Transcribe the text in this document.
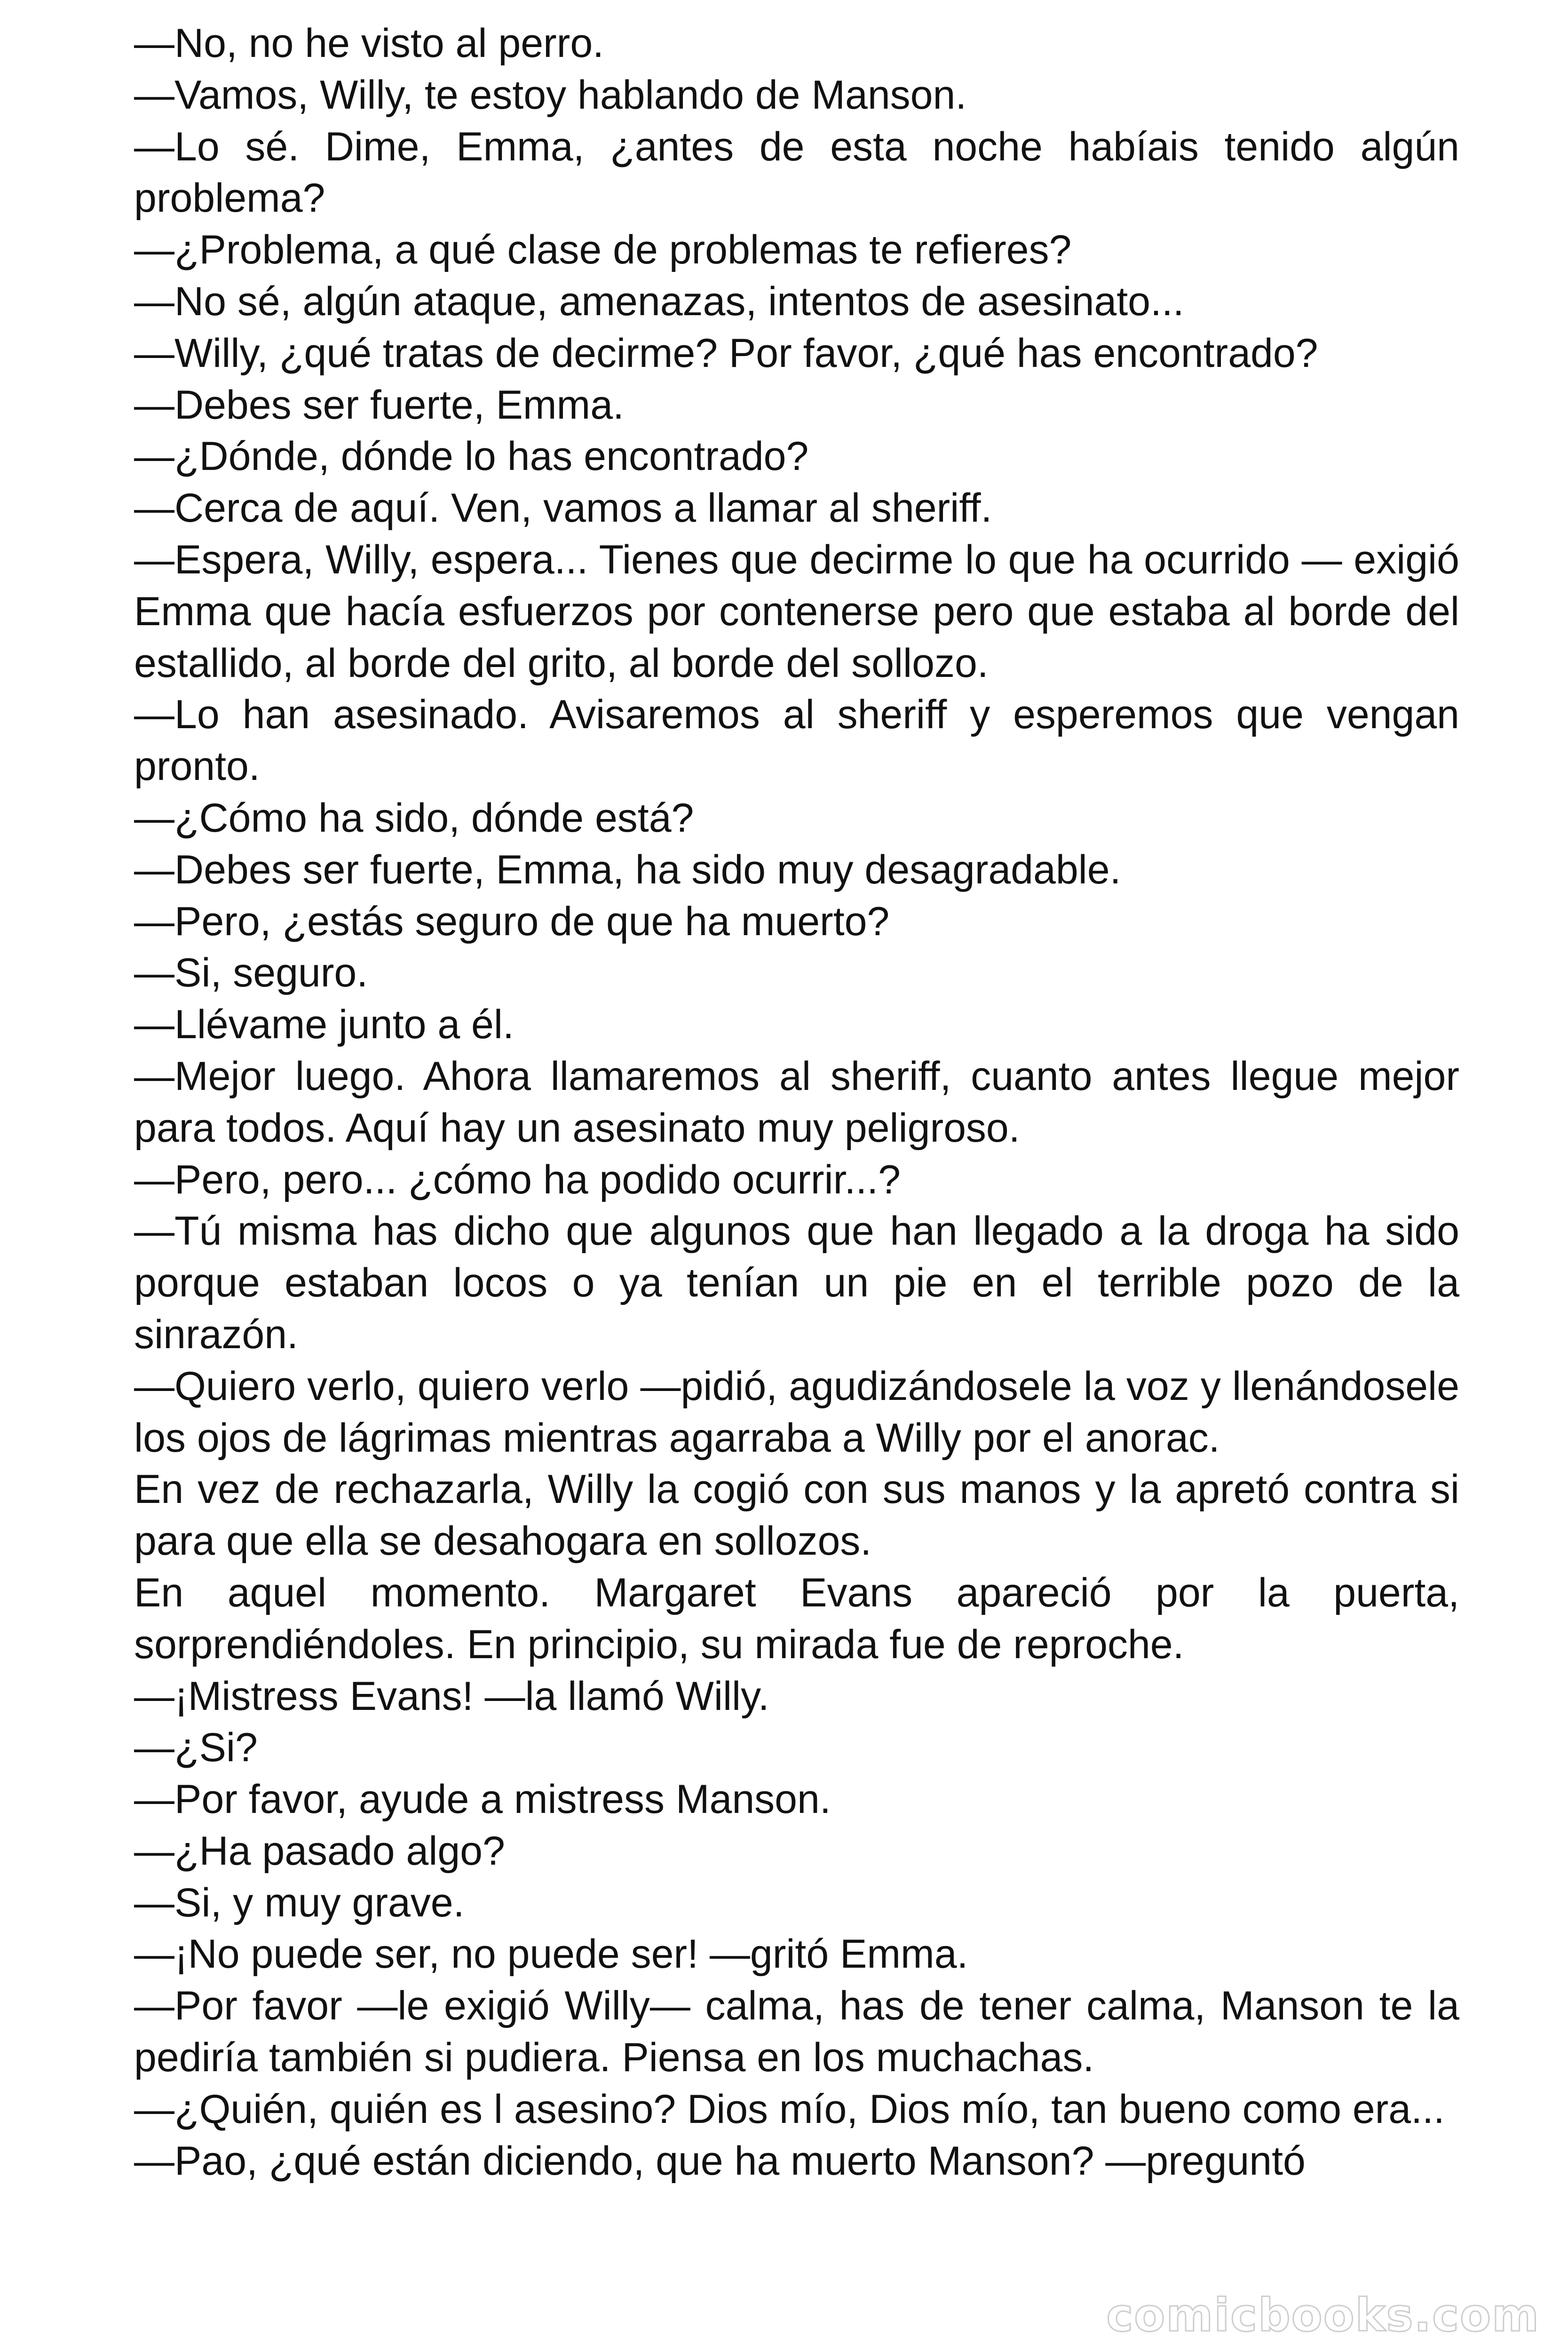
—No, no he visto al perro.

—Vamos, Willy, te estoy hablando de Manson.

—Lo sé. Dime, Emma, ¿antes de esta noche habíais tenido algún problema?

—¿Problema, a qué clase de problemas te refieres?

—No sé, algún ataque, amenazas, intentos de asesinato...

—Willy, ¿qué tratas de decirme? Por favor, ¿qué has encontrado?

—Debes ser fuerte, Emma.

—¿Dónde, dónde lo has encontrado?

—Cerca de aquí. Ven, vamos a llamar al sheriff.

—Espera, Willy, espera... Tienes que decirme lo que ha ocurrido — exigió Emma que hacía esfuerzos por contenerse pero que estaba al borde del estallido, al borde del grito, al borde del sollozo.

—Lo han asesinado. Avisaremos al sheriff y esperemos que vengan pronto.

—¿Cómo ha sido, dónde está?

—Debes ser fuerte, Emma, ha sido muy desagradable.

—Pero, ¿estás seguro de que ha muerto?

—Si, seguro.

—Llévame junto a él.

—Mejor luego. Ahora llamaremos al sheriff, cuanto antes llegue mejor para todos. Aquí hay un asesinato muy peligroso.

—Pero, pero... ¿cómo ha podido ocurrir...?

—Tú misma has dicho que algunos que han llegado a la droga ha sido porque estaban locos o ya tenían un pie en el terrible pozo de la sinrazón.

—Quiero verlo, quiero verlo —pidió, agudizándosele la voz y llenándosele los ojos de lágrimas mientras agarraba a Willy por el anorac.

En vez de rechazarla, Willy la cogió con sus manos y la apretó contra si para que ella se desahogara en sollozos.

En aquel momento. Margaret Evans apareció por la puerta, sorprendiéndoles. En principio, su mirada fue de reproche.

—¡Mistress Evans! —la llamó Willy.

—¿Si?

—Por favor, ayude a mistress Manson.

—¿Ha pasado algo?

—Si, y muy grave.

—¡No puede ser, no puede ser! —gritó Emma.

—Por favor —le exigió Willy— calma, has de tener calma, Manson te la pediría también si pudiera. Piensa en los muchachas.

—¿Quién, quién es l asesino? Dios mío, Dios mío, tan bueno como era...

—Pao, ¿qué están diciendo, que ha muerto Manson? —preguntó

comicbooks.com
